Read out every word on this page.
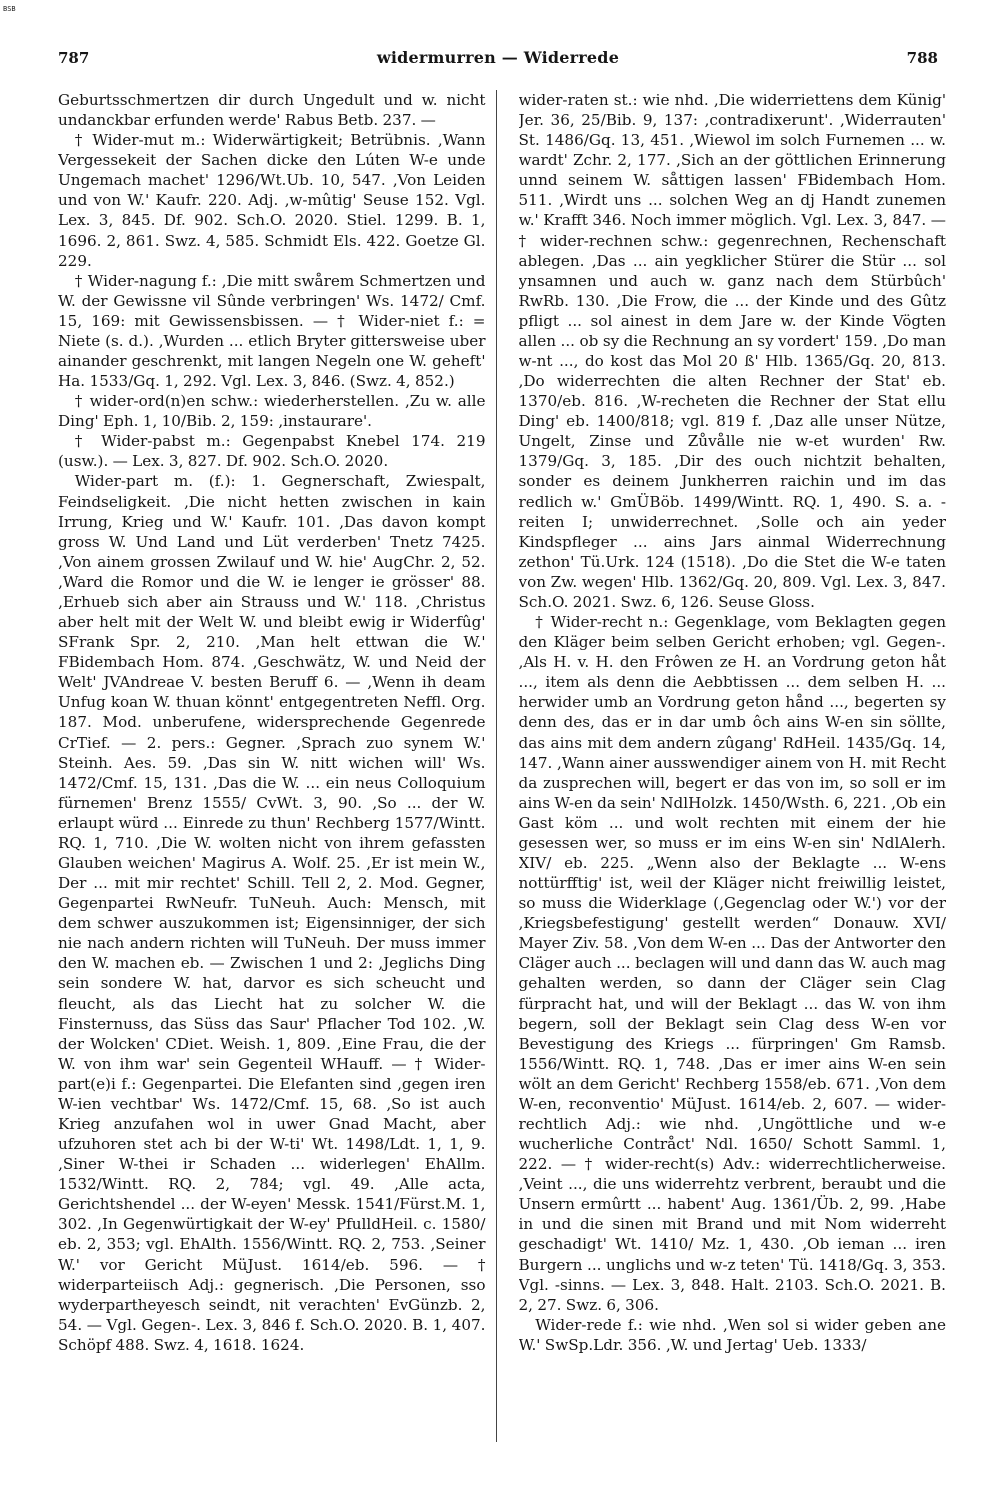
BSB
787	widermurren — Widerrede	788

Geburtsschmertzen dir durch Ungedult und w. nicht undanckbar erfunden werde' Rabus Betb. 237. —

† Wider-mut m.: Widerwärtigkeit; Betrübnis. ‚Wann Vergessekeit der Sachen dicke den Lúten W-e unde Ungemach machet' 1296/Wt.Ub. 10, 547. ‚Von Leiden und von W.' Kaufr. 220. Adj. ‚w-mûtig' Seuse 152. Vgl. Lex. 3, 845. Df. 902. Sch.O. 2020. Stiel. 1299. B. 1, 1696. 2, 861. Swz. 4, 585. Schmidt Els. 422. Goetze Gl. 229.

† Wider-nagung f.: ‚Die mitt swårem Schmertzen und W. der Gewissne vil Sûnde verbringen' Ws. 1472/ Cmf. 15, 169: mit Gewissensbissen. — † Wider-niet f.: = Niete (s. d.). ‚Wurden ... etlich Bryter gittersweise uber ainander geschrenkt, mit langen Negeln one W. geheft' Ha. 1533/Gq. 1, 292. Vgl. Lex. 3, 846. (Swz. 4, 852.)

† wider-ord(n)en schw.: wiederherstellen. ‚Zu w. alle Ding' Eph. 1, 10/Bib. 2, 159: ‚instaurare'.

† Wider-pabst m.: Gegenpabst Knebel 174. 219 (usw.). — Lex. 3, 827. Df. 902. Sch.O. 2020.

Wider-part m. (f.): 1. Gegnerschaft, Zwiespalt, Feindseligkeit. ‚Die nicht hetten zwischen in kain Irrung, Krieg und W.' Kaufr. 101. ‚Das davon kompt gross W. Und Land und Lüt verderben' Tnetz 7425. ‚Von ainem grossen Zwilauf und W. hie' AugChr. 2, 52. ‚Ward die Romor und die W. ie lenger ie grösser' 88. ‚Erhueb sich aber ain Strauss und W.' 118. ‚Christus aber helt mit der Welt W. und bleibt ewig ir Widerfûg' SFrank Spr. 2, 210. ‚Man helt ettwan die W.' FBidembach Hom. 874. ‚Geschwätz, W. und Neid der Welt' JVAndreae V. besten Beruff 6. — ‚Wenn ih deam Unfug koan W. thuan könnt' entgegentreten Neffl. Org. 187. Mod. unberufene, widersprechende Gegenrede CrTief. — 2. pers.: Gegner. ‚Sprach zuo synem W.' Steinh. Aes. 59. ‚Das sin W. nitt wichen will' Ws. 1472/Cmf. 15, 131. ‚Das die W. ... ein neus Colloquium fürnemen' Brenz 1555/ CvWt. 3, 90. ‚So ... der W. erlaupt würd ... Einrede zu thun' Rechberg 1577/Wintt. RQ. 1, 710. ‚Die W. wolten nicht von ihrem gefassten Glauben weichen' Magirus A. Wolf. 25. ‚Er ist mein W., Der ... mit mir rechtet' Schill. Tell 2, 2. Mod. Gegner, Gegenpartei RwNeufr. TuNeuh. Auch: Mensch, mit dem schwer auszukommen ist; Eigensinniger, der sich nie nach andern richten will TuNeuh. Der muss immer den W. machen eb. — Zwischen 1 und 2: ‚Jeglichs Ding sein sondere W. hat, darvor es sich scheucht und fleucht, als das Liecht hat zu solcher W. die Finsternuss, das Süss das Saur' Pflacher Tod 102. ‚W. der Wolcken' CDiet. Weish. 1, 809. ‚Eine Frau, die der W. von ihm war' sein Gegenteil WHauff. — † Wider-part(e)i f.: Gegenpartei. Die Elefanten sind ‚gegen iren W-ien vechtbar' Ws. 1472/Cmf. 15, 68. ‚So ist auch Krieg anzufahen wol in uwer Gnad Macht, aber ufzuhoren stet ach bi der W-ti' Wt. 1498/Ldt. 1, 1, 9. ‚Siner W-thei ir Schaden ... widerlegen' EhAllm. 1532/Wintt. RQ. 2, 784; vgl. 49. ‚Alle acta, Gerichtshendel ... der W-eyen' Messk. 1541/Fürst.M. 1, 302. ‚In Gegenwürtigkait der W-ey' PfulldHeil. c. 1580/ eb. 2, 353; vgl. EhAlth. 1556/Wintt. RQ. 2, 753. ‚Seiner W.' vor Gericht MüJust. 1614/eb. 596. — † widerparteiisch Adj.: gegnerisch. ‚Die Personen, sso wyderpartheyesch seindt, nit verachten' EvGünzb. 2, 54. — Vgl. Gegen-. Lex. 3, 846 f. Sch.O. 2020. B. 1, 407. Schöpf 488. Swz. 4, 1618. 1624.

wider-raten st.: wie nhd. ‚Die widerriettens dem Künig' Jer. 36, 25/Bib. 9, 137: ‚contradixerunt'. ‚Widerrauten' St. 1486/Gq. 13, 451. ‚Wiewol im solch Furnemen ... w. wardt' Zchr. 2, 177. ‚Sich an der göttlichen Erinnerung unnd seinem W. såttigen lassen' FBidembach Hom. 511. ‚Wirdt uns ... solchen Weg an dj Handt zunemen w.' Krafft 346. Noch immer möglich. Vgl. Lex. 3, 847. — † wider-rechnen schw.: gegenrechnen, Rechenschaft ablegen. ‚Das ... ain yegklicher Stürer die Stür ... sol ynsamnen und auch w. ganz nach dem Stürbûch' RwRb. 130. ‚Die Frow, die ... der Kinde und des Gûtz pfligt ... sol ainest in dem Jare w. der Kinde Vögten allen ... ob sy die Rechnung an sy vordert' 159. ‚Do man w-nt ..., do kost das Mol 20 ß' Hlb. 1365/Gq. 20, 813. ‚Do widerrechten die alten Rechner der Stat' eb. 1370/eb. 816. ‚W-recheten die Rechner der Stat ellu Ding' eb. 1400/818; vgl. 819 f. ‚Daz alle unser Nütze, Ungelt, Zinse und Zůvålle nie w-et wurden' Rw. 1379/Gq. 3, 185. ‚Dir des ouch nichtzit behalten, sonder es deinem Junkherren raichin und im das redlich w.' GmÜBöb. 1499/Wintt. RQ. 1, 490. S. a. -reiten I; unwiderrechnet. ‚Solle och ain yeder Kindspfleger ... ains Jars ainmal Widerrechnung zethon' Tü.Urk. 124 (1518). ‚Do die Stet die W-e taten von Zw. wegen' Hlb. 1362/Gq. 20, 809. Vgl. Lex. 3, 847. Sch.O. 2021. Swz. 6, 126. Seuse Gloss.

† Wider-recht n.: Gegenklage, vom Beklagten gegen den Kläger beim selben Gericht erhoben; vgl. Gegen-. ‚Als H. v. H. den Frôwen ze H. an Vordrung geton håt ..., item als denn die Aebbtissen ... dem selben H. ... herwider umb an Vordrung geton hånd ..., begerten sy denn des, das er in dar umb ôch ains W-en sin söllte, das ains mit dem andern zûgang' RdHeil. 1435/Gq. 14, 147. ‚Wann ainer ausswendiger ainem von H. mit Recht da zusprechen will, begert er das von im, so soll er im ains W-en da sein' NdlHolzk. 1450/Wsth. 6, 221. ‚Ob ein Gast köm ... und wolt rechten mit einem der hie gesessen wer, so muss er im eins W-en sin' NdlAlerh. XIV/ eb. 225. „Wenn also der Beklagte ... W-ens nottürfftig' ist, weil der Kläger nicht freiwillig leistet, so muss die Widerklage (‚Gegenclag oder W.') vor der ‚Kriegsbefestigung' gestellt werden“ Donauw. XVI/ Mayer Ziv. 58. ‚Von dem W-en ... Das der Antworter den Cläger auch ... beclagen will und dann das W. auch mag gehalten werden, so dann der Cläger sein Clag fürpracht hat, und will der Beklagt ... das W. von ihm begern, soll der Beklagt sein Clag dess W-en vor Bevestigung des Kriegs ... fürpringen' Gm Ramsb. 1556/Wintt. RQ. 1, 748. ‚Das er imer ains W-en sein wölt an dem Gericht' Rechberg 1558/eb. 671. ‚Von dem W-en, reconventio' MüJust. 1614/eb. 2, 607. — wider-rechtlich Adj.: wie nhd. ‚Ungöttliche und w-e wucherliche Contråct' Ndl. 1650/ Schott Samml. 1, 222. — † wider-recht(s) Adv.: widerrechtlicherweise. ‚Veint ..., die uns widerrehtz verbrent, beraubt und die Unsern ermûrtt ... habent' Aug. 1361/Üb. 2, 99. ‚Habe in und die sinen mit Brand und mit Nom widerreht geschadigt' Wt. 1410/ Mz. 1, 430. ‚Ob ieman ... iren Burgern ... unglichs und w-z teten' Tü. 1418/Gq. 3, 353. Vgl. -sinns. — Lex. 3, 848. Halt. 2103. Sch.O. 2021. B. 2, 27. Swz. 6, 306.

Wider-rede f.: wie nhd. ‚Wen sol si wider geben ane W.' SwSp.Ldr. 356. ‚W. und Jertag' Ueb. 1333/
